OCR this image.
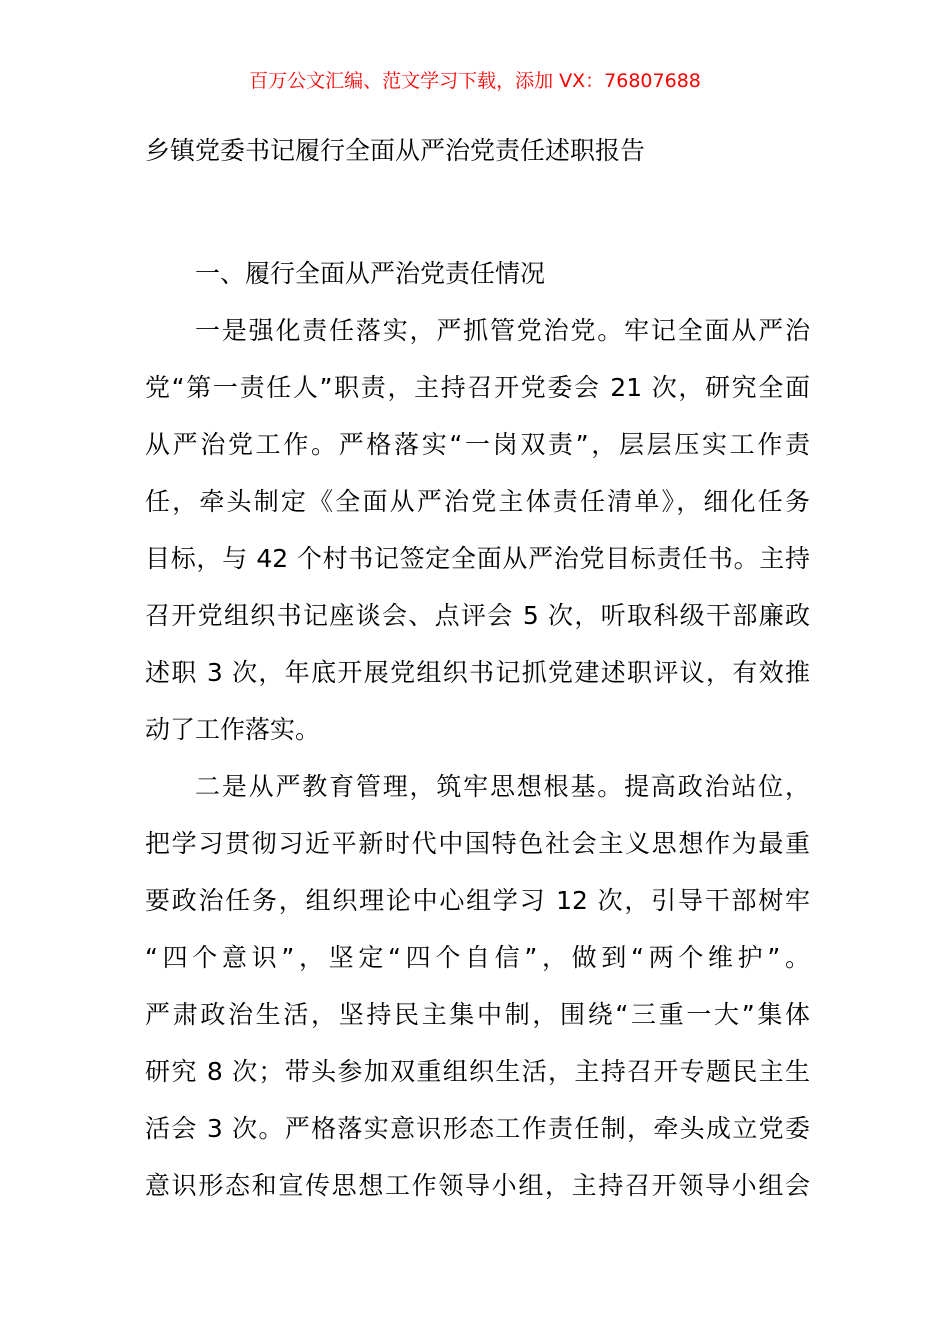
百万公文汇编、范文学习下载，添加 VX：76807688
乡镇党委书记履行全面从严治党责任述职报告
一、履行全面从严治党责任情况
一是强化责任落实，严抓管党治党。牢记全面从严治
党“第一责任人”职责，主持召开党委会 21 次，研究全面
从严治党工作。严格落实“一岗双责”，层层压实工作责
任，牵头制定《全面从严治党主体责任清单》，细化任务
目标，与 42 个村书记签定全面从严治党目标责任书。主持
召开党组织书记座谈会、点评会 5 次，听取科级干部廉政
述职 3 次，年底开展党组织书记抓党建述职评议，有效推
动了工作落实。
二是从严教育管理，筑牢思想根基。提高政治站位，
把学习贯彻习近平新时代中国特色社会主义思想作为最重
要政治任务，组织理论中心组学习 12 次，引导干部树牢
“四个意识”，坚定“四个自信”，做到“两个维护”。
严肃政治生活，坚持民主集中制，围绕“三重一大”集体
研究 8 次；带头参加双重组织生活，主持召开专题民主生
活会 3 次。严格落实意识形态工作责任制，牵头成立党委
意识形态和宣传思想工作领导小组，主持召开领导小组会
